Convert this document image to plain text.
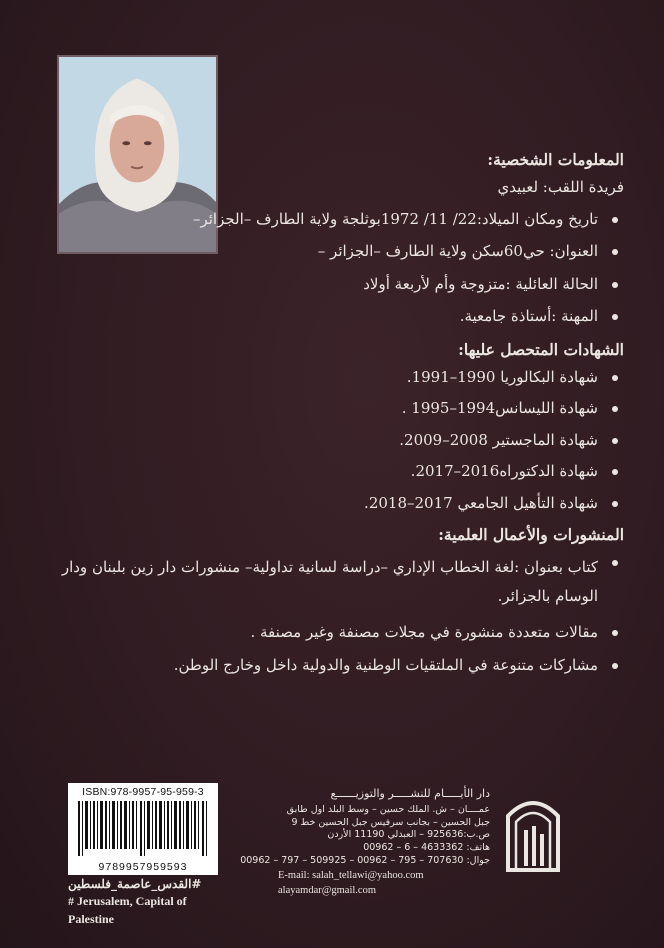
المعلومات الشخصية:
فريدة اللقب: لعبيدي
تاريخ ومكان الميلاد:22/ 11/ 1972بوثلجة ولاية الطارف –الجزائر–
العنوان: حي60سكن ولاية الطارف –الجزائر –
الحالة العائلية :متزوجة وأم لأربعة أولاد
المهنة :أستاذة جامعية.
الشهادات المتحصل عليها:
شهادة البكالوريا 1990–1991.
شهادة الليسانس1994–1995 .
شهادة الماجستير 2008–2009.
شهادة الدكتوراه2016–2017.
شهادة التأهيل الجامعي 2017–2018.
المنشورات والأعمال العلمية:
كتاب بعنوان :لغة الخطاب الإداري –دراسة لسانية تداولية– منشورات دار زين بلبنان ودار الوسام بالجزائر.
مقالات متعددة منشورة في مجلات مصنفة وغير مصنفة .
مشاركات متنوعة في الملتقيات الوطنية والدولية داخل وخارج الوطن.
ISBN:978-9957-95-959-3
9789957959593
#القدس_عاصمة_فلسطين
# Jerusalem, Capital of Palestine
دار الأيـــــام للنشـــــر والتوزيــــــع
عمــــان – ش. الملك حسين – وسط البلد اول طابق
جبل الحسين – بجانب سرفيس جبل الحسين خط 9
ص.ب:925636 – العبدلي 11190 الأردن
هاتف: 4633362 – 6 – 00962
جوال: 707630 – 795 – 00962 – 509925 – 797 – 00962
E-mail: salah_tellawi@yahoo.com
alayamdar@gmail.com
